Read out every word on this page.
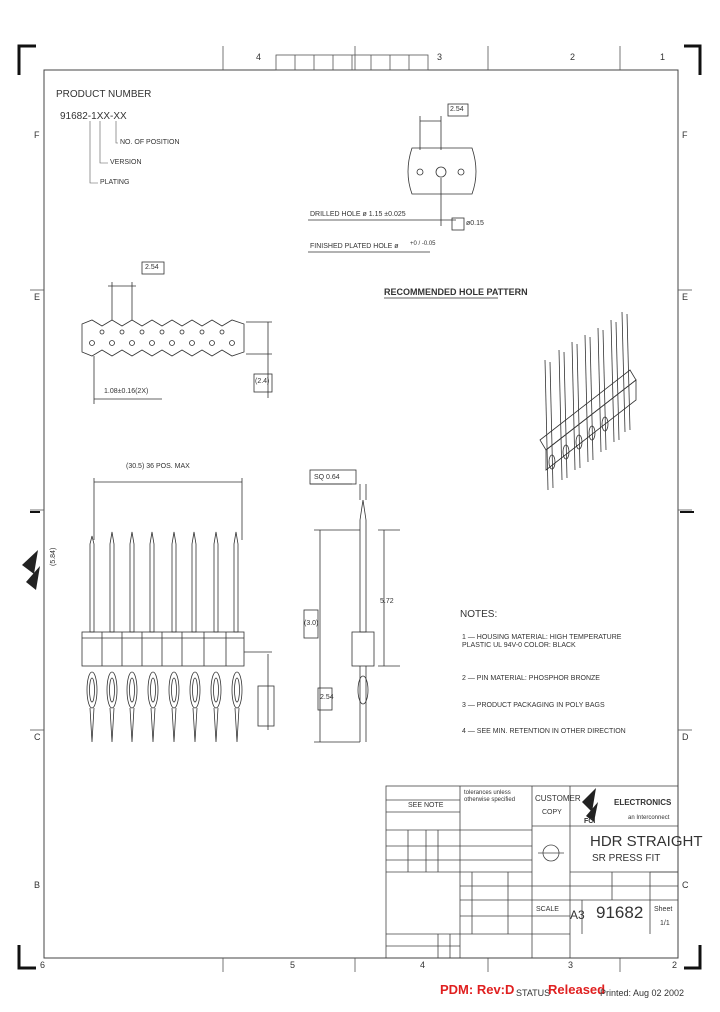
4	3	2	1
F
E
C
B
F
E
D
C
6	5	4	3	2
PRODUCT NUMBER
91682-1XX-XX
NO. OF POSITION
VERSION
PLATING
2.54
DRILLED HOLE ø 1.15 ±0.025
ø0.15
FINISHED PLATED HOLE ø +0 / -0.05
RECOMMENDED HOLE PATTERN
2.54
1.08±0.16(2X)
(2.4)
(30.5) 36 POS. MAX
(5.84)
SQ 0.64
5.72
(3.0)
2.54
NOTES:
1 — HOUSING MATERIAL: HIGH TEMPERATURE PLASTIC UL 94V-0 COLOR: BLACK
2 — PIN MATERIAL: PHOSPHOR BRONZE
3 — PRODUCT PACKAGING IN POLY BAGS
4 — SEE MIN. RETENTION IN OTHER DIRECTION
SEE NOTE
tolerances unless otherwise specified	CUSTOMER
COPY
ELECTRONICS
an Interconnect
FCI
HDR STRAIGHT
SR PRESS FIT
A3 91682
SCALE	Sheet
1/1
PDM: Rev:D STATUS
Released
Printed: Aug 02 2002
